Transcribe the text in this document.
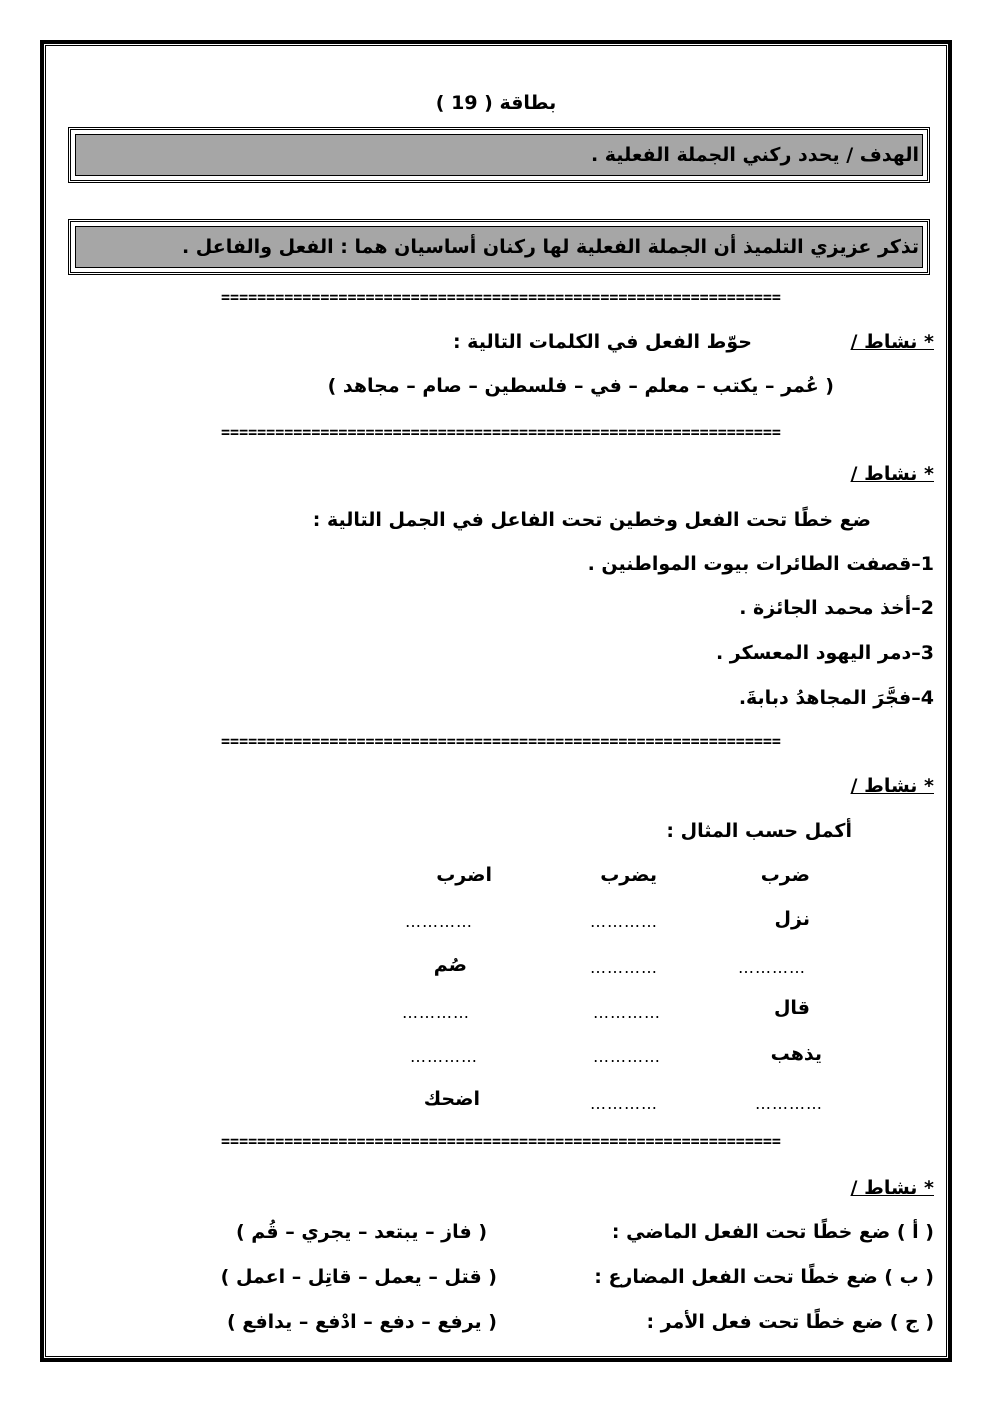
بطاقة ( 19 )
الهدف / يحدد ركني الجملة الفعلية .
تذكر عزيزي التلميذ أن الجملة الفعلية لها ركنان أساسيان هما : الفعل والفاعل .
==============================================================
==============================================================
==============================================================
==============================================================
* نشاط /
حوّط الفعل في الكلمات التالية :
( عُمر – يكتب – معلم – في – فلسطين – صام – مجاهد )
* نشاط /
ضع خطًا تحت الفعل وخطين تحت الفاعل في الجمل التالية :
1–قصفت الطائرات بيوت المواطنين .
2–أخذ محمد الجائزة .
3–دمر اليهود المعسكر .
4–فجَّرَ المجاهدُ دبابةَ.
* نشاط /
أكمل حسب المثال :
ضرب
يضرب
اضرب
نزل
…………
…………
…………
…………
صُم
قال
…………
…………
يذهب
…………
…………
…………
…………
اضحك
* نشاط /
( أ ) ضع خطًا تحت الفعل الماضي :
( فاز – يبتعد – يجري – قُم )
( ب ) ضع خطًا تحت الفعل المضارع :
( قتل – يعمل – قاتِل – اعمل )
( ج ) ضع خطًا تحت فعل الأمر :
( يرفع – دفع – ادْفع – يدافع )
